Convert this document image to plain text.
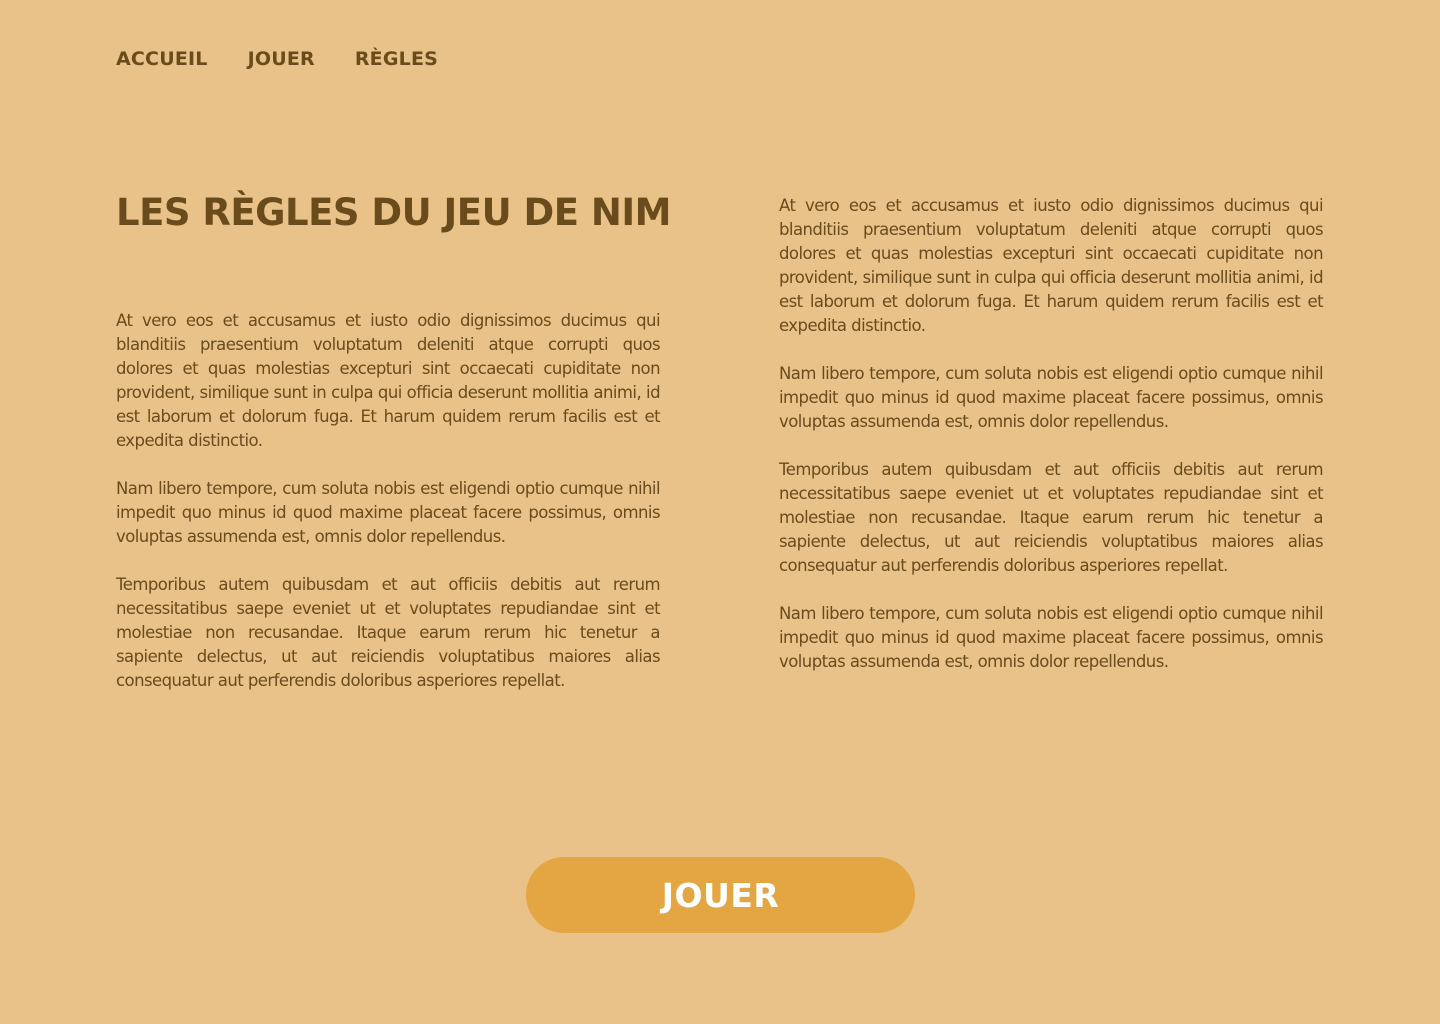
ACCUEIL JOUER RÈGLES
LES RÈGLES DU JEU DE NIM

At vero eos et accusamus et iusto odio dignissimos ducimus qui blanditiis praesentium voluptatum deleniti atque corrupti quos dolores et quas molestias excepturi sint occaecati cupiditate non provident, similique sunt in culpa qui officia deserunt mollitia animi, id est laborum et dolorum fuga. Et harum quidem rerum facilis est et expedita distinctio.

Nam libero tempore, cum soluta nobis est eligendi optio cumque nihil impedit quo minus id quod maxime placeat facere possimus, omnis voluptas assumenda est, omnis dolor repellendus.

Temporibus autem quibusdam et aut officiis debitis aut rerum necessitatibus saepe eveniet ut et voluptates repudiandae sint et molestiae non recusandae. Itaque earum rerum hic tenetur a sapiente delectus, ut aut reiciendis voluptatibus maiores alias consequatur aut perferendis doloribus asperiores repellat.

At vero eos et accusamus et iusto odio dignissimos ducimus qui blanditiis praesentium voluptatum deleniti atque corrupti quos dolores et quas molestias excepturi sint occaecati cupiditate non provident, similique sunt in culpa qui officia deserunt mollitia animi, id est laborum et dolorum fuga. Et harum quidem rerum facilis est et expedita distinctio.

Nam libero tempore, cum soluta nobis est eligendi optio cumque nihil impedit quo minus id quod maxime placeat facere possimus, omnis voluptas assumenda est, omnis dolor repellendus.

Temporibus autem quibusdam et aut officiis debitis aut rerum necessitatibus saepe eveniet ut et voluptates repudiandae sint et molestiae non recusandae. Itaque earum rerum hic tenetur a sapiente delectus, ut aut reiciendis voluptatibus maiores alias consequatur aut perferendis doloribus asperiores repellat.

Nam libero tempore, cum soluta nobis est eligendi optio cumque nihil impedit quo minus id quod maxime placeat facere possimus, omnis voluptas assumenda est, omnis dolor repellendus.

JOUER
